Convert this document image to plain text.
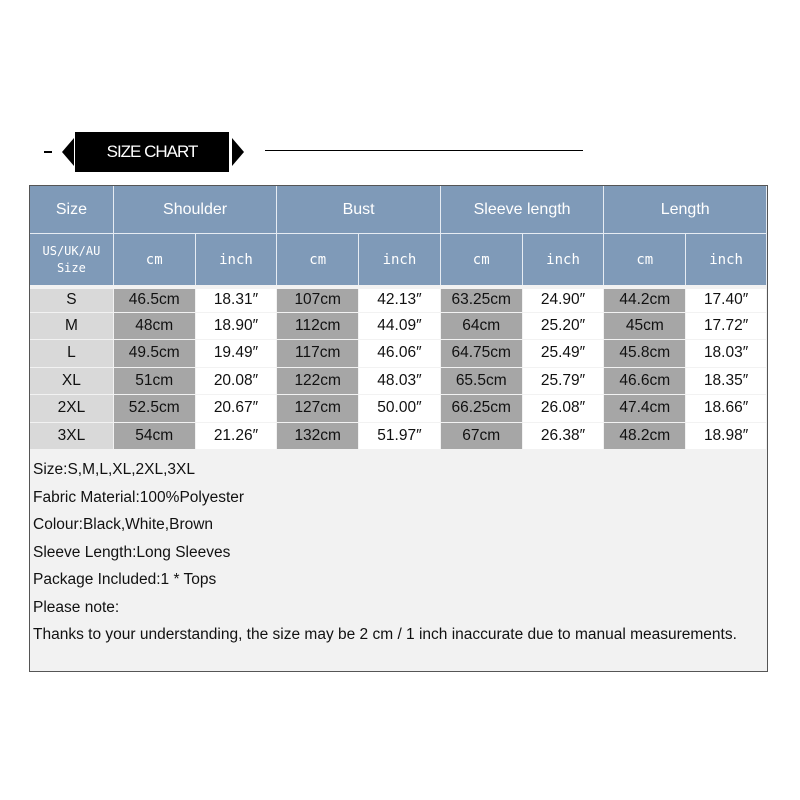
SIZE CHART
Size	Shoulder		Bust		Sleeve length		Length	

US/UK/AU
Size	cm	inch	cm	inch	cm	inch	cm	inch
S	46.5cm	18.31″	107cm	42.13″	63.25cm	24.90″	44.2cm	17.40″
M	48cm	18.90″	112cm	44.09″	64cm	25.20″	45cm	17.72″
L	49.5cm	19.49″	117cm	46.06″	64.75cm	25.49″	45.8cm	18.03″
XL	51cm	20.08″	122cm	48.03″	65.5cm	25.79″	46.6cm	18.35″
2XL	52.5cm	20.67″	127cm	50.00″	66.25cm	26.08″	47.4cm	18.66″
3XL	54cm	21.26″	132cm	51.97″	67cm	26.38″	48.2cm	18.98″
Size:S,M,L,XL,2XL,3XL
Fabric Material:100%Polyester
Colour:Black,White,Brown
Sleeve Length:Long Sleeves
Package Included:1 * Tops
Please note:
Thanks to your understanding, the size may be 2 cm / 1 inch inaccurate due to manual measurements.
